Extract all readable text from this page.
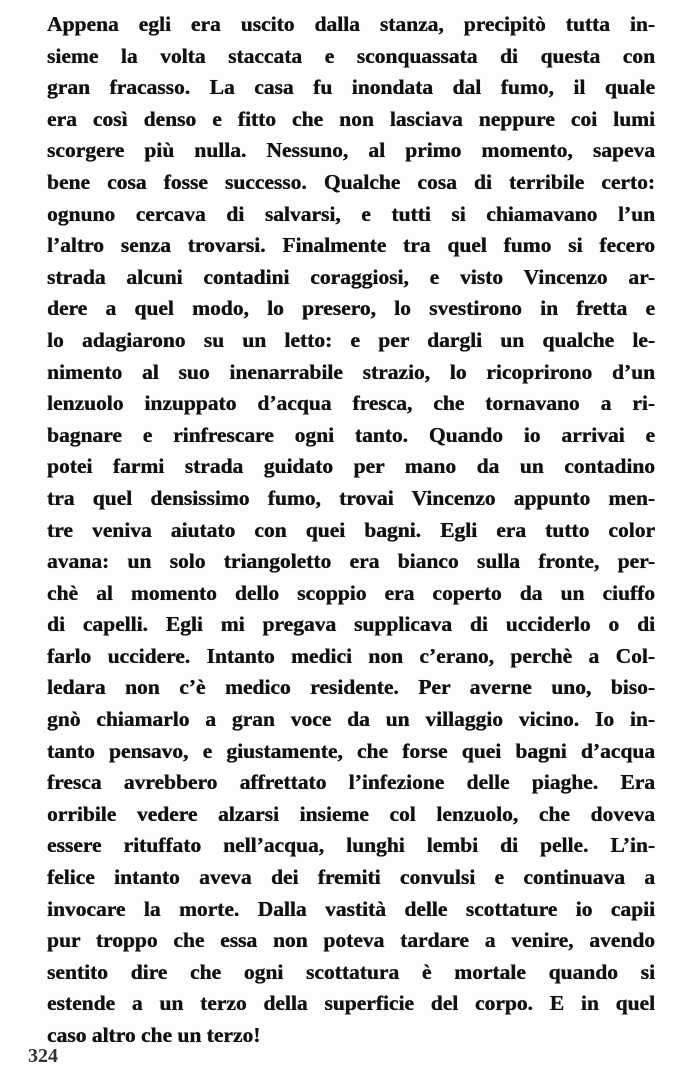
Appena egli era uscito dalla stanza, precipitò tutta in-
sieme la volta staccata e sconquassata di questa con
gran fracasso. La casa fu inondata dal fumo, il quale
era così denso e fitto che non lasciava neppure coi lumi
scorgere più nulla. Nessuno, al primo momento, sapeva
bene cosa fosse successo. Qualche cosa di terribile certo:
ognuno cercava di salvarsi, e tutti si chiamavano l’un
l’altro senza trovarsi. Finalmente tra quel fumo si fecero
strada alcuni contadini coraggiosi, e visto Vincenzo ar-
dere a quel modo, lo presero, lo svestirono in fretta e
lo adagiarono su un letto: e per dargli un qualche le-
nimento al suo inenarrabile strazio, lo ricoprirono d’un
lenzuolo inzuppato d’acqua fresca, che tornavano a ri-
bagnare e rinfrescare ogni tanto. Quando io arrivai e
potei farmi strada guidato per mano da un contadino
tra quel densissimo fumo, trovai Vincenzo appunto men-
tre veniva aiutato con quei bagni. Egli era tutto color
avana: un solo triangoletto era bianco sulla fronte, per-
chè al momento dello scoppio era coperto da un ciuffo
di capelli. Egli mi pregava supplicava di ucciderlo o di
farlo uccidere. Intanto medici non c’erano, perchè a Col-
ledara non c’è medico residente. Per averne uno, biso-
gnò chiamarlo a gran voce da un villaggio vicino. Io in-
tanto pensavo, e giustamente, che forse quei bagni d’acqua
fresca avrebbero affrettato l’infezione delle piaghe. Era
orribile vedere alzarsi insieme col lenzuolo, che doveva
essere rituffato nell’acqua, lunghi lembi di pelle. L’in-
felice intanto aveva dei fremiti convulsi e continuava a
invocare la morte. Dalla vastità delle scottature io capii
pur troppo che essa non poteva tardare a venire, avendo
sentito dire che ogni scottatura è mortale quando si
estende a un terzo della superficie del corpo. E in quel
caso altro che un terzo!
324
